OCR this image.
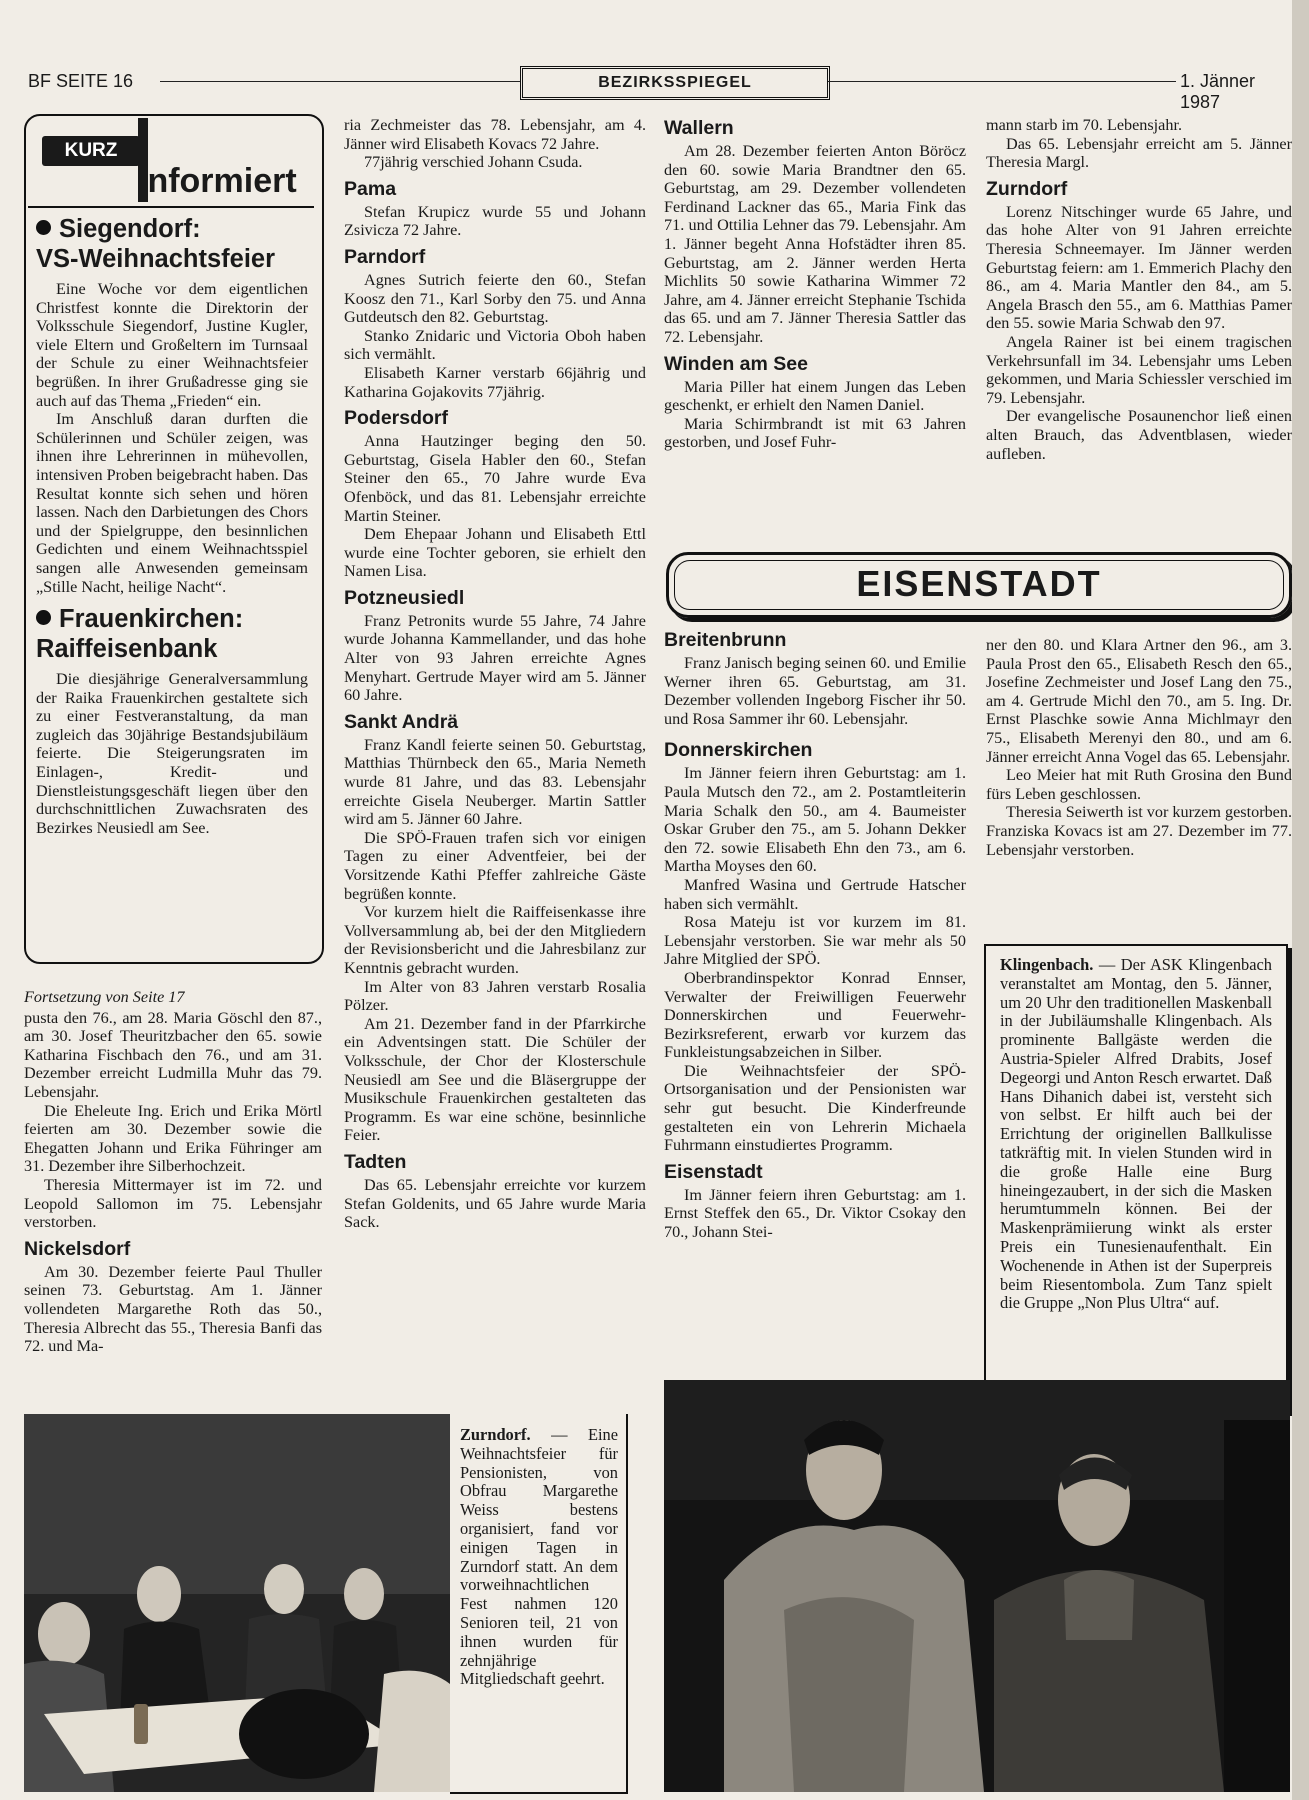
BF SEITE 16	BEZIRKSSPIEGEL	1. Jänner 1987
KURZ
informiert
Siegendorf:
VS-Weihnachtsfeier

Eine Woche vor dem eigentlichen Christfest konnte die Direktorin der Volksschule Siegendorf, Justine Kugler, viele Eltern und Großeltern im Turnsaal der Schule zu einer Weihnachtsfeier begrüßen. In ihrer Grußadresse ging sie auch auf das Thema „Frieden“ ein.

Im Anschluß daran durften die Schülerinnen und Schüler zeigen, was ihnen ihre Lehrerinnen in mühevollen, intensiven Proben beigebracht haben. Das Resultat konnte sich sehen und hören lassen. Nach den Darbietungen des Chors und der Spielgruppe, den besinnlichen Gedichten und einem Weihnachtsspiel sangen alle Anwesenden gemeinsam „Stille Nacht, heilige Nacht“.

Frauenkirchen:
Raiffeisenbank

Die diesjährige Generalversammlung der Raika Frauenkirchen gestaltete sich zu einer Festveranstaltung, da man zugleich das 30jährige Bestandsjubiläum feierte. Die Steigerungsraten im Einlagen-, Kredit- und Dienstleistungsgeschäft liegen über den durchschnittlichen Zuwachsraten des Bezirkes Neusiedl am See.

Fortsetzung von Seite 17

pusta den 76., am 28. Maria Göschl den 87., am 30. Josef Theuritzbacher den 65. sowie Katharina Fischbach den 76., und am 31. Dezember erreicht Ludmilla Muhr das 79. Lebensjahr.

Die Eheleute Ing. Erich und Erika Mörtl feierten am 30. Dezember sowie die Ehegatten Johann und Erika Führinger am 31. Dezember ihre Silberhochzeit.

Theresia Mittermayer ist im 72. und Leopold Sallomon im 75. Lebensjahr verstorben.

Nickelsdorf

Am 30. Dezember feierte Paul Thuller seinen 73. Geburtstag. Am 1. Jänner vollendeten Margarethe Roth das 50., Theresia Albrecht das 55., Theresia Banfi das 72. und Ma-

ria Zechmeister das 78. Lebensjahr, am 4. Jänner wird Elisabeth Kovacs 72 Jahre.

77jährig verschied Johann Csuda.

Pama

Stefan Krupicz wurde 55 und Johann Zsivicza 72 Jahre.

Parndorf

Agnes Sutrich feierte den 60., Stefan Koosz den 71., Karl Sorby den 75. und Anna Gutdeutsch den 82. Geburtstag.

Stanko Znidaric und Victoria Oboh haben sich vermählt.

Elisabeth Karner verstarb 66jährig und Katharina Gojakovits 77jährig.

Podersdorf

Anna Hautzinger beging den 50. Geburtstag, Gisela Habler den 60., Stefan Steiner den 65., 70 Jahre wurde Eva Ofenböck, und das 81. Lebensjahr erreichte Martin Steiner.

Dem Ehepaar Johann und Elisabeth Ettl wurde eine Tochter geboren, sie erhielt den Namen Lisa.

Potzneusiedl

Franz Petronits wurde 55 Jahre, 74 Jahre wurde Johanna Kammellander, und das hohe Alter von 93 Jahren erreichte Agnes Menyhart. Gertrude Mayer wird am 5. Jänner 60 Jahre.

Sankt Andrä

Franz Kandl feierte seinen 50. Geburtstag, Matthias Thürnbeck den 65., Maria Nemeth wurde 81 Jahre, und das 83. Lebensjahr erreichte Gisela Neuberger. Martin Sattler wird am 5. Jänner 60 Jahre.

Die SPÖ-Frauen trafen sich vor einigen Tagen zu einer Adventfeier, bei der Vorsitzende Kathi Pfeffer zahlreiche Gäste begrüßen konnte.

Vor kurzem hielt die Raiffeisenkasse ihre Vollversammlung ab, bei der den Mitgliedern der Revisionsbericht und die Jahresbilanz zur Kenntnis gebracht wurden.

Im Alter von 83 Jahren verstarb Rosalia Pölzer.

Am 21. Dezember fand in der Pfarrkirche ein Adventsingen statt. Die Schüler der Volksschule, der Chor der Klosterschule Neusiedl am See und die Bläsergruppe der Musikschule Frauenkirchen gestalteten das Programm. Es war eine schöne, besinnliche Feier.

Tadten

Das 65. Lebensjahr erreichte vor kurzem Stefan Goldenits, und 65 Jahre wurde Maria Sack.

Wallern

Am 28. Dezember feierten Anton Böröcz den 60. sowie Maria Brandtner den 65. Geburtstag, am 29. Dezember vollendeten Ferdinand Lackner das 65., Maria Fink das 71. und Ottilia Lehner das 79. Lebensjahr. Am 1. Jänner begeht Anna Hofstädter ihren 85. Geburtstag, am 2. Jänner werden Herta Michlits 50 sowie Katharina Wimmer 72 Jahre, am 4. Jänner erreicht Stephanie Tschida das 65. und am 7. Jänner Theresia Sattler das 72. Lebensjahr.

Winden am See

Maria Piller hat einem Jungen das Leben geschenkt, er erhielt den Namen Daniel.

Maria Schirmbrandt ist mit 63 Jahren gestorben, und Josef Fuhr-

mann starb im 70. Lebensjahr.

Das 65. Lebensjahr erreicht am 5. Jänner Theresia Margl.

Zurndorf

Lorenz Nitschinger wurde 65 Jahre, und das hohe Alter von 91 Jahren erreichte Theresia Schneemayer. Im Jänner werden Geburtstag feiern: am 1. Emmerich Plachy den 86., am 4. Maria Mantler den 84., am 5. Angela Brasch den 55., am 6. Matthias Pamer den 55. sowie Maria Schwab den 97.

Angela Rainer ist bei einem tragischen Verkehrsunfall im 34. Lebensjahr ums Leben gekommen, und Maria Schiessler verschied im 79. Lebensjahr.

Der evangelische Posaunenchor ließ einen alten Brauch, das Adventblasen, wieder aufleben.

EISENSTADT
Breitenbrunn

Franz Janisch beging seinen 60. und Emilie Werner ihren 65. Geburtstag, am 31. Dezember vollenden Ingeborg Fischer ihr 50. und Rosa Sammer ihr 60. Lebensjahr.

Donnerskirchen

Im Jänner feiern ihren Geburtstag: am 1. Paula Mutsch den 72., am 2. Postamtleiterin Maria Schalk den 50., am 4. Baumeister Oskar Gruber den 75., am 5. Johann Dekker den 72. sowie Elisabeth Ehn den 73., am 6. Martha Moyses den 60.

Manfred Wasina und Gertrude Hatscher haben sich vermählt.

Rosa Mateju ist vor kurzem im 81. Lebensjahr verstorben. Sie war mehr als 50 Jahre Mitglied der SPÖ.

Oberbrandinspektor Konrad Ennser, Verwalter der Freiwilligen Feuerwehr Donnerskirchen und Feuerwehr-Bezirksreferent, erwarb vor kurzem das Funkleistungsabzeichen in Silber.

Die Weihnachtsfeier der SPÖ-Ortsorganisation und der Pensionisten war sehr gut besucht. Die Kinderfreunde gestalteten ein von Lehrerin Michaela Fuhrmann einstudiertes Programm.

Eisenstadt

Im Jänner feiern ihren Geburtstag: am 1. Ernst Steffek den 65., Dr. Viktor Csokay den 70., Johann Stei-

ner den 80. und Klara Artner den 96., am 3. Paula Prost den 65., Elisabeth Resch den 65., Josefine Zechmeister und Josef Lang den 75., am 4. Gertrude Michl den 70., am 5. Ing. Dr. Ernst Plaschke sowie Anna Michlmayr den 75., Elisabeth Merenyi den 80., und am 6. Jänner erreicht Anna Vogel das 65. Lebensjahr.

Leo Meier hat mit Ruth Grosina den Bund fürs Leben geschlossen.

Theresia Seiwerth ist vor kurzem gestorben. Franziska Kovacs ist am 27. Dezember im 77. Lebensjahr verstorben.

Klingenbach. — Der ASK Klingenbach veranstaltet am Montag, den 5. Jänner, um 20 Uhr den traditionellen Maskenball in der Jubiläumshalle Klingenbach. Als prominente Ballgäste werden die Austria-Spieler Alfred Drabits, Josef Degeorgi und Anton Resch erwartet. Daß Hans Dihanich dabei ist, versteht sich von selbst. Er hilft auch bei der Errichtung der originellen Ballkulisse tatkräftig mit. In vielen Stunden wird in die große Halle eine Burg hineingezaubert, in der sich die Masken herumtummeln können. Bei der Maskenprämiierung winkt als erster Preis ein Tunesienaufenthalt. Ein Wochenende in Athen ist der Superpreis beim Riesentombola. Zum Tanz spielt die Gruppe „Non Plus Ultra“ auf.
Zurndorf. — Eine Weihnachtsfeier für Pensionisten, von Obfrau Margarethe Weiss bestens organisiert, fand vor einigen Tagen in Zurndorf statt. An dem vorweihnachtlichen Fest nahmen 120 Senioren teil, 21 von ihnen wurden für zehnjährige Mitgliedschaft geehrt.
